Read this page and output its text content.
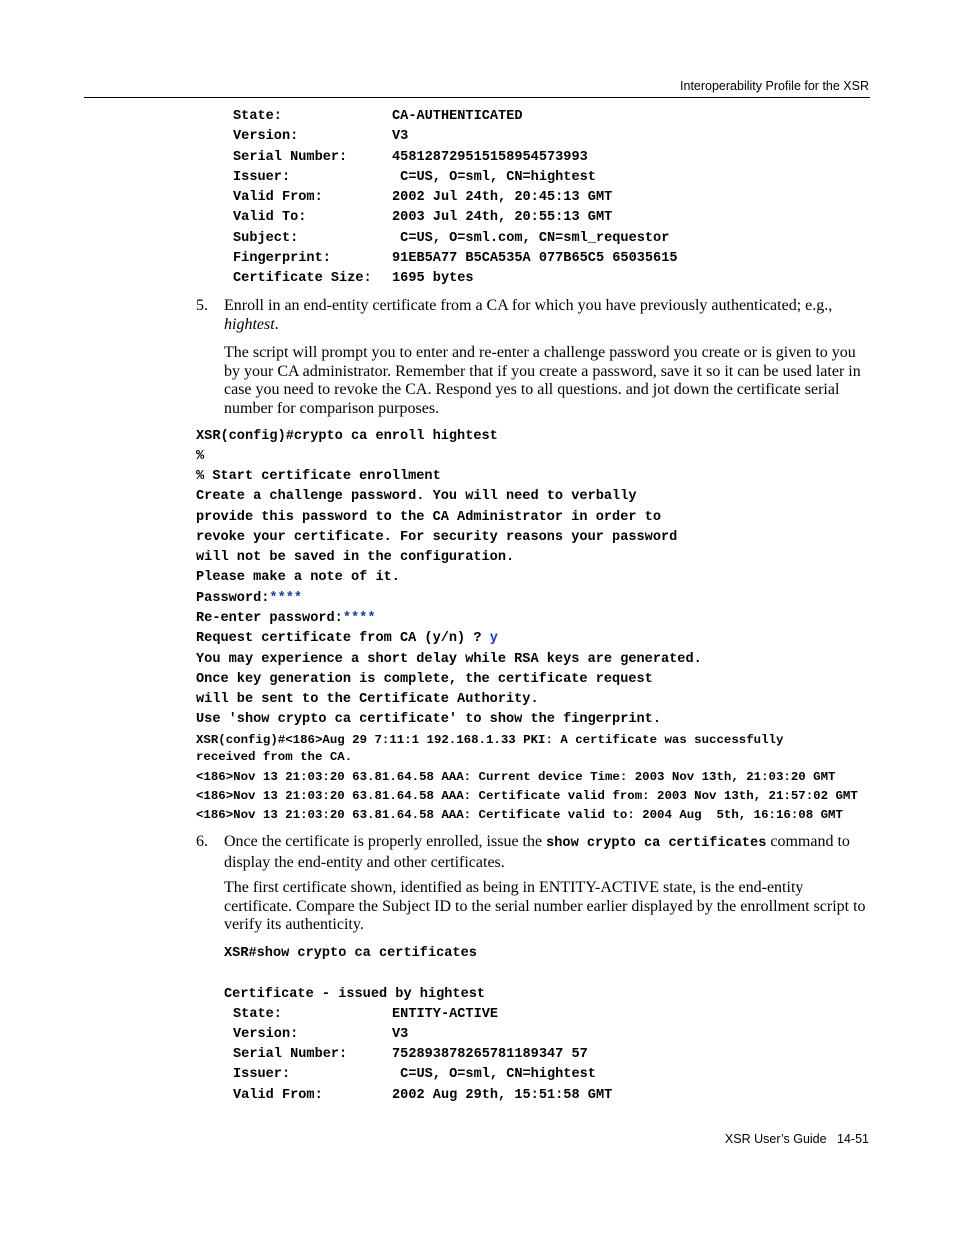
Interoperability Profile for the XSR
State:	CA-AUTHENTICATED
Version:	V3
Serial Number:	458128729515158954573993
Issuer:	C=US, O=sml, CN=hightest
Valid From:	2002 Jul 24th, 20:45:13 GMT
Valid To:	2003 Jul 24th, 20:55:13 GMT
Subject:	C=US, O=sml.com, CN=sml_requestor
Fingerprint:	91EB5A77 B5CA535A 077B65C5 65035615
Certificate Size: 1695 bytes
5. Enroll in an end-entity certificate from a CA for which you have previously authenticated; e.g., hightest.
The script will prompt you to enter and re-enter a challenge password you create or is given to you by your CA administrator. Remember that if you create a password, save it so it can be used later in case you need to revoke the CA. Respond yes to all questions. and jot down the certificate serial number for comparison purposes.
XSR(config)#crypto ca enroll hightest
%
% Start certificate enrollment
Create a challenge password. You will need to verbally
provide this password to the CA Administrator in order to
revoke your certificate. For security reasons your password
will not be saved in the configuration.
Please make a note of it.
Password:****
Re-enter password:****
Request certificate from CA (y/n) ? y
You may experience a short delay while RSA keys are generated.
Once key generation is complete, the certificate request
will be sent to the Certificate Authority.
Use 'show crypto ca certificate' to show the fingerprint.
XSR(config)#<186>Aug 29 7:11:1 192.168.1.33 PKI: A certificate was successfully
received from the CA.
<186>Nov 13 21:03:20 63.81.64.58 AAA: Current device Time: 2003 Nov 13th, 21:03:20 GMT
<186>Nov 13 21:03:20 63.81.64.58 AAA: Certificate valid from: 2003 Nov 13th, 21:57:02 GMT
<186>Nov 13 21:03:20 63.81.64.58 AAA: Certificate valid to: 2004 Aug  5th, 16:16:08 GMT
6. Once the certificate is properly enrolled, issue the show crypto ca certificates command to display the end-entity and other certificates.
The first certificate shown, identified as being in ENTITY-ACTIVE state, is the end-entity certificate. Compare the Subject ID to the serial number earlier displayed by the enrollment script to verify its authenticity.
XSR#show crypto ca certificates
Certificate - issued by hightest
State:	ENTITY-ACTIVE
Version:	V3
Serial Number:	752893878265781189347 57
Issuer:	C=US, O=sml, CN=hightest
Valid From:	2002 Aug 29th, 15:51:58 GMT
XSR User’s Guide 14-51
